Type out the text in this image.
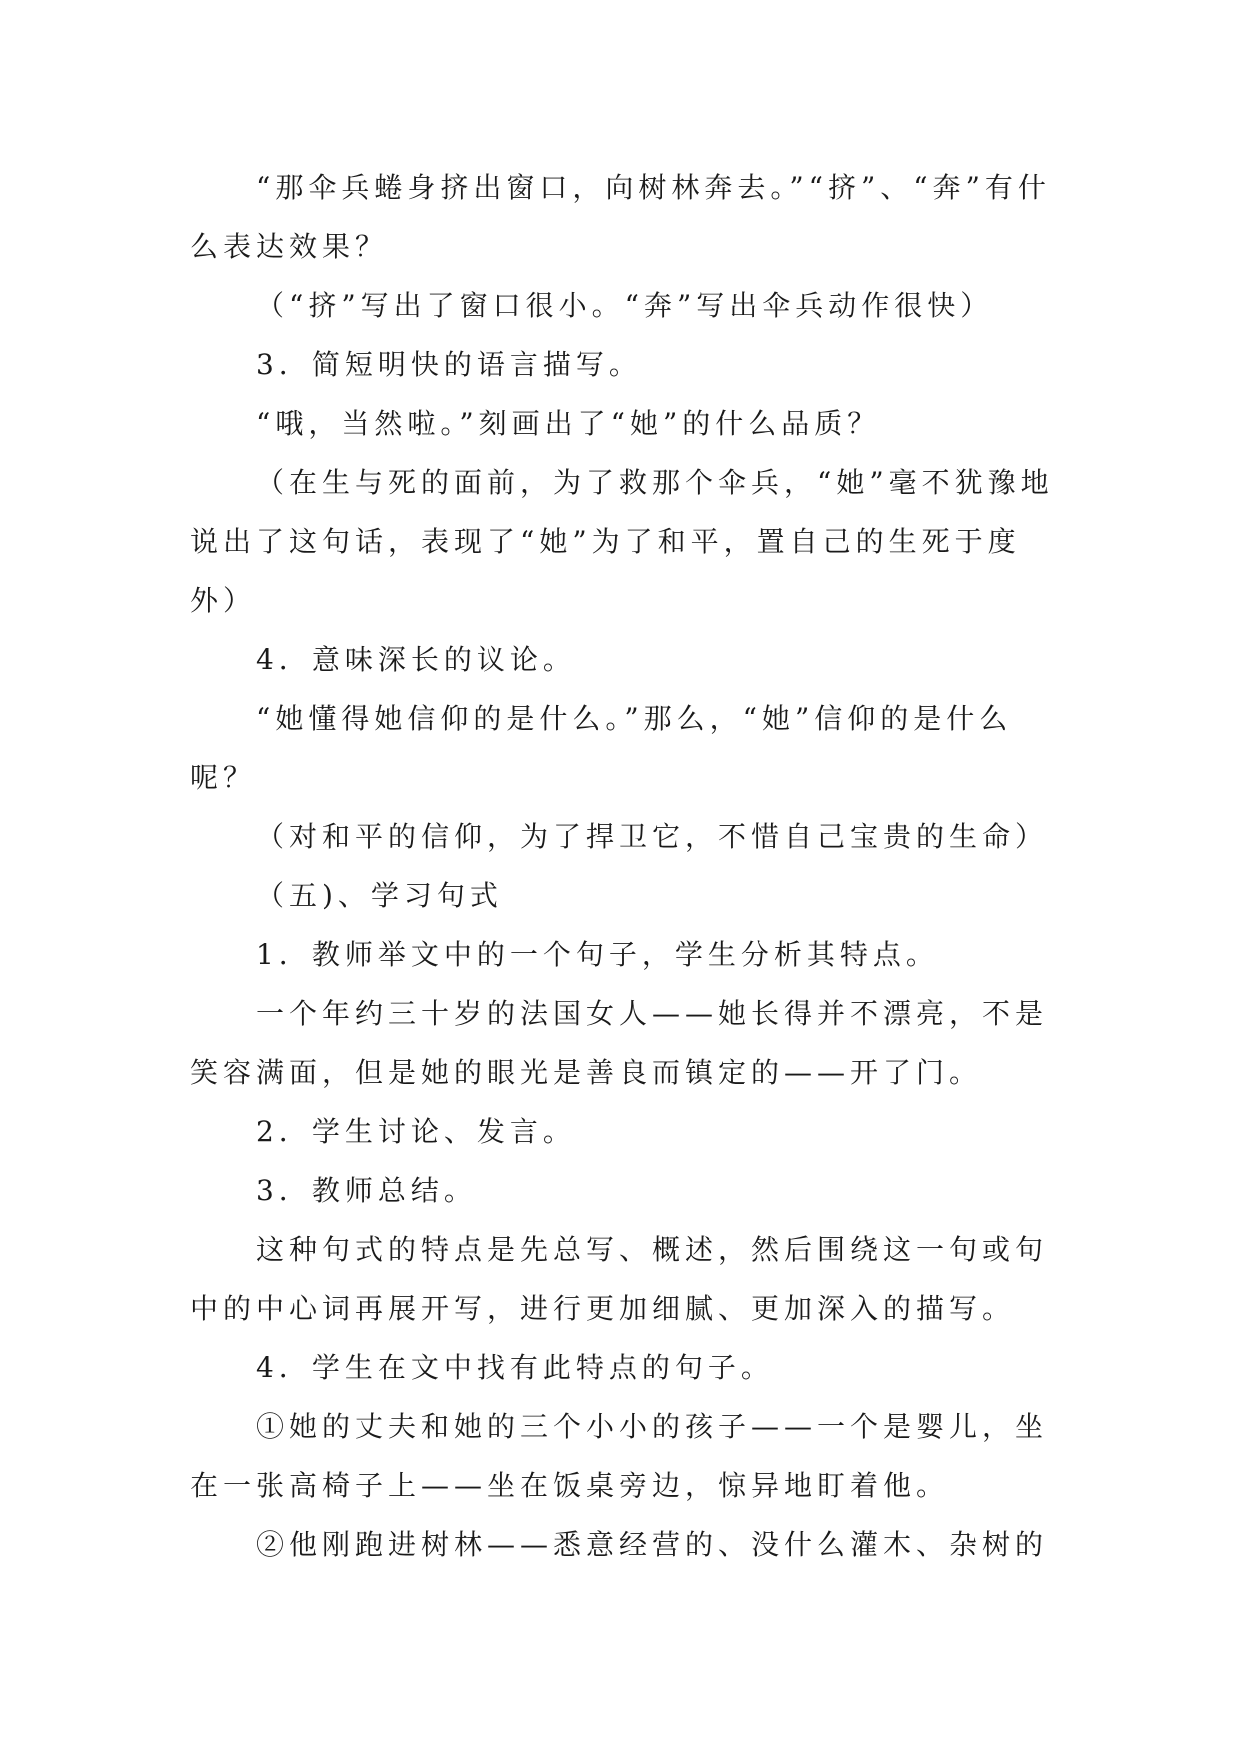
“那伞兵蜷身挤出窗口，向树林奔去。”“挤”、“奔”有什么表达效果？

（“挤”写出了窗口很小。“奔”写出伞兵动作很快）

3．简短明快的语言描写。

“哦，当然啦。”刻画出了“她”的什么品质？

（在生与死的面前，为了救那个伞兵，“她”毫不犹豫地说出了这句话，表现了“她”为了和平，置自己的生死于度外）

4．意味深长的议论。

“她懂得她信仰的是什么。”那么，“她”信仰的是什么呢？

（对和平的信仰，为了捍卫它，不惜自己宝贵的生命）

（五)、学习句式

1．教师举文中的一个句子，学生分析其特点。

一个年约三十岁的法国女人——她长得并不漂亮，不是笑容满面，但是她的眼光是善良而镇定的——开了门。

2．学生讨论、发言。

3．教师总结。

这种句式的特点是先总写、概述，然后围绕这一句或句中的中心词再展开写，进行更加细腻、更加深入的描写。

4．学生在文中找有此特点的句子。

①她的丈夫和她的三个小小的孩子——一个是婴儿，坐在一张高椅子上——坐在饭桌旁边，惊异地盯着他。

②他刚跑进树林——悉意经营的、没什么灌木、杂树的
